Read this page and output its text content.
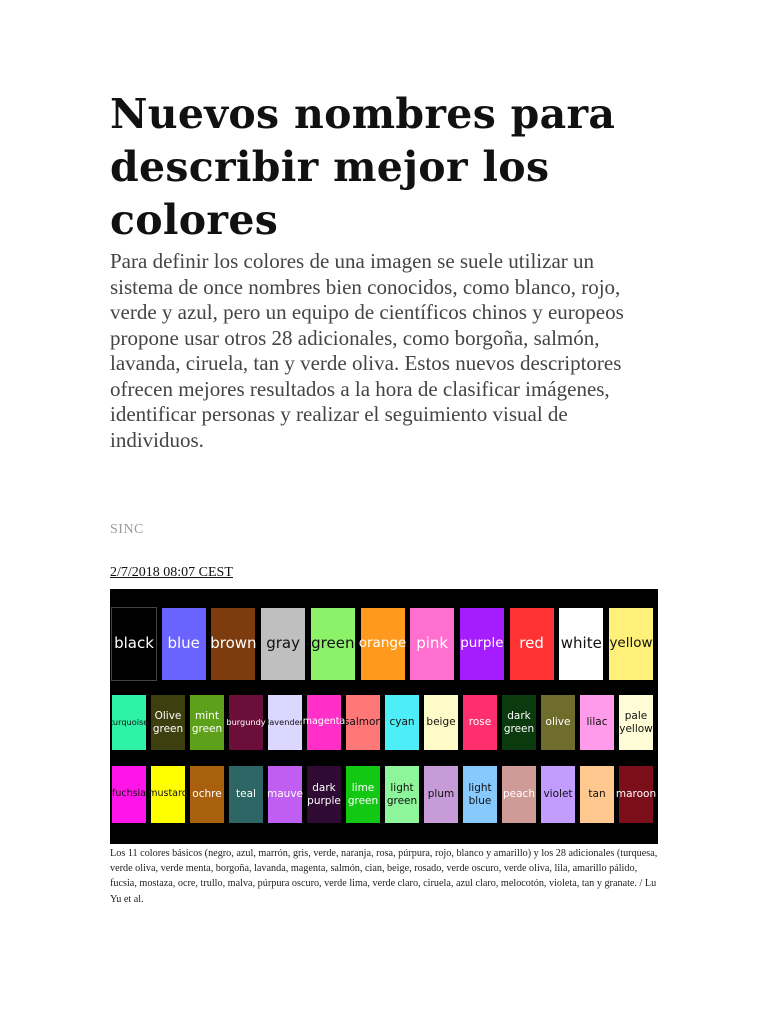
Nuevos nombres para describir mejor los colores

Para definir los colores de una imagen se suele utilizar un sistema de once nombres bien conocidos, como blanco, rojo, verde y azul, pero un equipo de científicos chinos y europeos propone usar otros 28 adicionales, como borgoña, salmón, lavanda, ciruela, tan y verde oliva. Estos nuevos descriptores ofrecen mejores resultados a la hora de clasificar imágenes, identificar personas y realizar el seguimiento visual de individuos.

SINC
2/7/2018 08:07 CEST
black blue brown gray green orange pink purple	red	white yellow
turquoise Olive green
mint green
burgundy lavender magenta
salmon cyan	beige	rose
dark green
olive	lilac
pale yellow
fuchsia mustard ochre	teal	mauve
dark purple
lime green
light green
plum
light blue
peach violet	tan maroon
Los 11 colores básicos (negro, azul, marrón, gris, verde, naranja, rosa, púrpura, rojo, blanco y amarillo) y los 28 adicionales (turquesa, verde oliva, verde menta, borgoña, lavanda, magenta, salmón, cian, beige, rosado, verde oscuro, verde oliva, lila, amarillo pálido, fucsia, mostaza, ocre, trullo, malva, púrpura oscuro, verde lima, verde claro, ciruela, azul claro, melocotón, violeta, tan y granate. / Lu Yu et al.
